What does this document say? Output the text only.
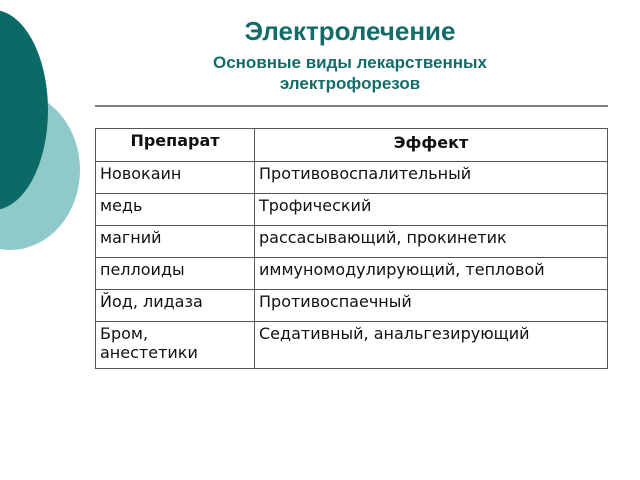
Электролечение
Основные виды лекарственных
электрофорезов
Препарат	Эффект
Новокаин	Противовоспалительный
медь	Трофический
магний	рассасывающий, прокинетик
пеллоиды	иммуномодулирующий, тепловой
Йод, лидаза	Противоспаечный
Бром, анестетики	Седативный, анальгезирующий
